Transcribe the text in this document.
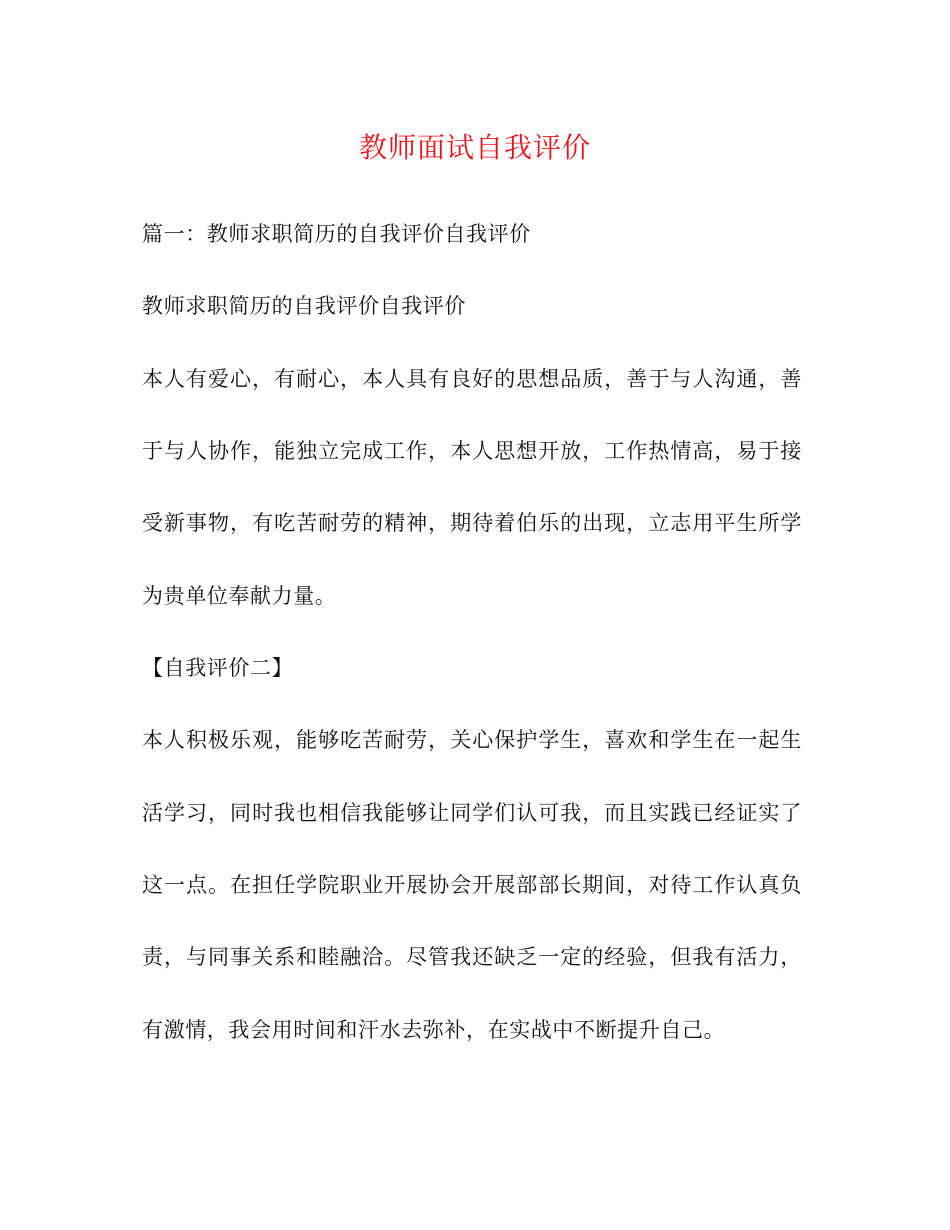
教师面试自我评价
篇一：教师求职简历的自我评价自我评价
教师求职简历的自我评价自我评价
本人有爱心，有耐心，本人具有良好的思想品质，善于与人沟通，善
于与人协作，能独立完成工作，本人思想开放，工作热情高，易于接
受新事物，有吃苦耐劳的精神，期待着伯乐的出现，立志用平生所学
为贵单位奉献力量。
【自我评价二】
本人积极乐观，能够吃苦耐劳，关心保护学生，喜欢和学生在一起生
活学习，同时我也相信我能够让同学们认可我，而且实践已经证实了
这一点。在担任学院职业开展协会开展部部长期间，对待工作认真负
责，与同事关系和睦融洽。尽管我还缺乏一定的经验，但我有活力，
有激情，我会用时间和汗水去弥补，在实战中不断提升自己。
